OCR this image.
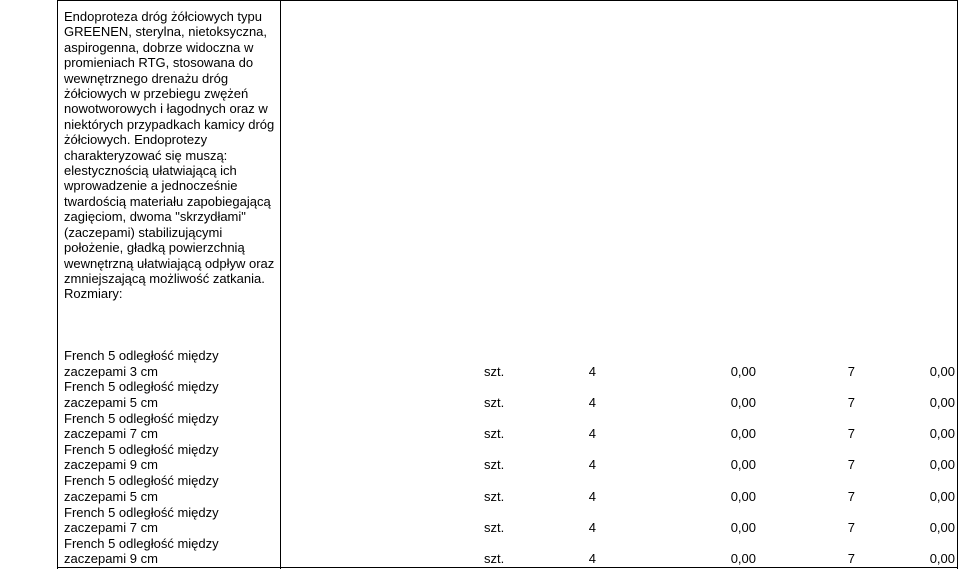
Endoproteza dróg żółciowych typu GREENEN, sterylna, nietoksyczna, aspirogenna, dobrze widoczna w promieniach RTG, stosowana do wewnętrznego drenażu dróg żółciowych w przebiegu zwężeń nowotworowych i łagodnych oraz w niektórych przypadkach kamicy dróg żółciowych. Endoprotezy charakteryzować się muszą: elestycznością ułatwiającą ich wprowadzenie a jednocześnie twardością materiału zapobiegającą zagięciom, dwoma "skrzydłami" (zaczepami) stabilizującymi położenie, gładką powierzchnią wewnętrzną ułatwiającą odpływ oraz zmniejszającą możliwość zatkania. Rozmiary:
French 5 odległość między
zaczepami 3 cm	szt.	4	0,00	7	0,00
French 5 odległość między
zaczepami 5 cm	szt.	4	0,00	7	0,00
French 5 odległość między
zaczepami 7 cm	szt.	4	0,00	7	0,00
French 5 odległość między
zaczepami 9 cm	szt.	4	0,00	7	0,00
French 5 odległość między
zaczepami 5 cm	szt.	4	0,00	7	0,00
French 5 odległość między
zaczepami 7 cm	szt.	4	0,00	7	0,00
French 5 odległość między
zaczepami 9 cm	szt.	4	0,00	7	0,00
